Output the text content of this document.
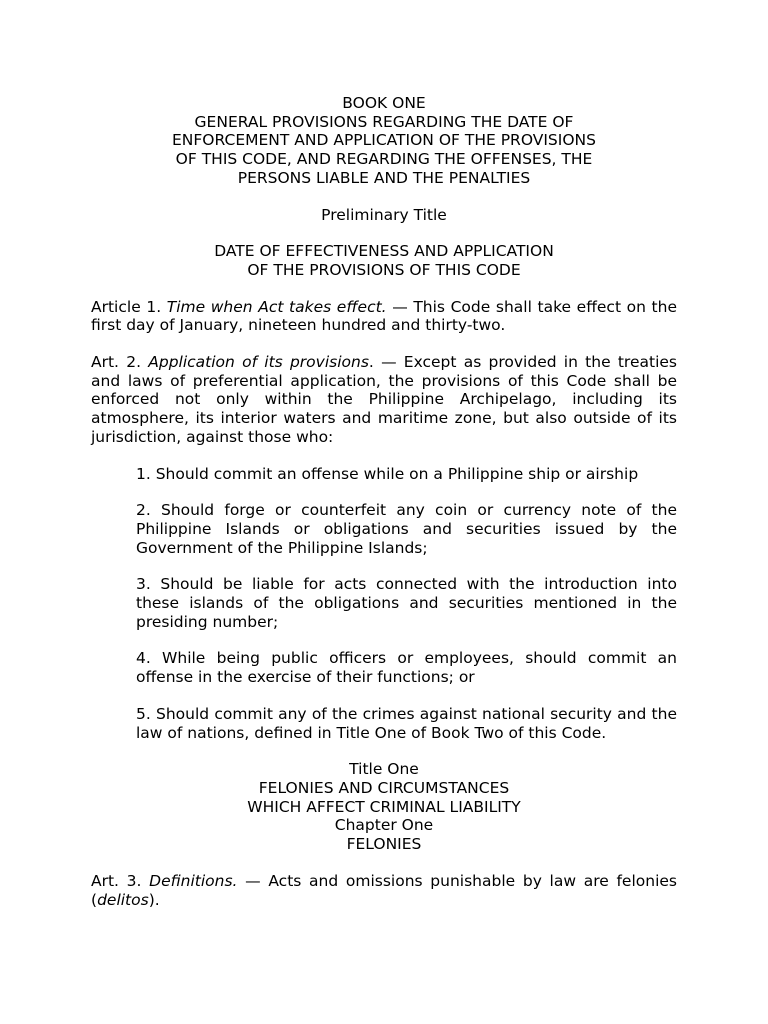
BOOK ONE
GENERAL PROVISIONS REGARDING THE DATE OF
ENFORCEMENT AND APPLICATION OF THE PROVISIONS
OF THIS CODE, AND REGARDING THE OFFENSES, THE
PERSONS LIABLE AND THE PENALTIES
Preliminary Title
DATE OF EFFECTIVENESS AND APPLICATION
OF THE PROVISIONS OF THIS CODE

Article 1. Time when Act takes effect. — This Code shall take effect on the first day of January, nineteen hundred and thirty-two.

Art. 2. Application of its provisions. — Except as provided in the treaties and laws of preferential application, the provisions of this Code shall be enforced not only within the Philippine Archipelago, including its atmosphere, its interior waters and maritime zone, but also outside of its jurisdiction, against those who:

1. Should commit an offense while on a Philippine ship or airship

2. Should forge or counterfeit any coin or currency note of the Philippine Islands or obligations and securities issued by the Government of the Philippine Islands;

3. Should be liable for acts connected with the introduction into these islands of the obligations and securities mentioned in the presiding number;

4. While being public officers or employees, should commit an offense in the exercise of their functions; or

5. Should commit any of the crimes against national security and the law of nations, defined in Title One of Book Two of this Code.

Title One
FELONIES AND CIRCUMSTANCES
WHICH AFFECT CRIMINAL LIABILITY
Chapter One
FELONIES

Art. 3. Definitions. — Acts and omissions punishable by law are felonies (delitos).
